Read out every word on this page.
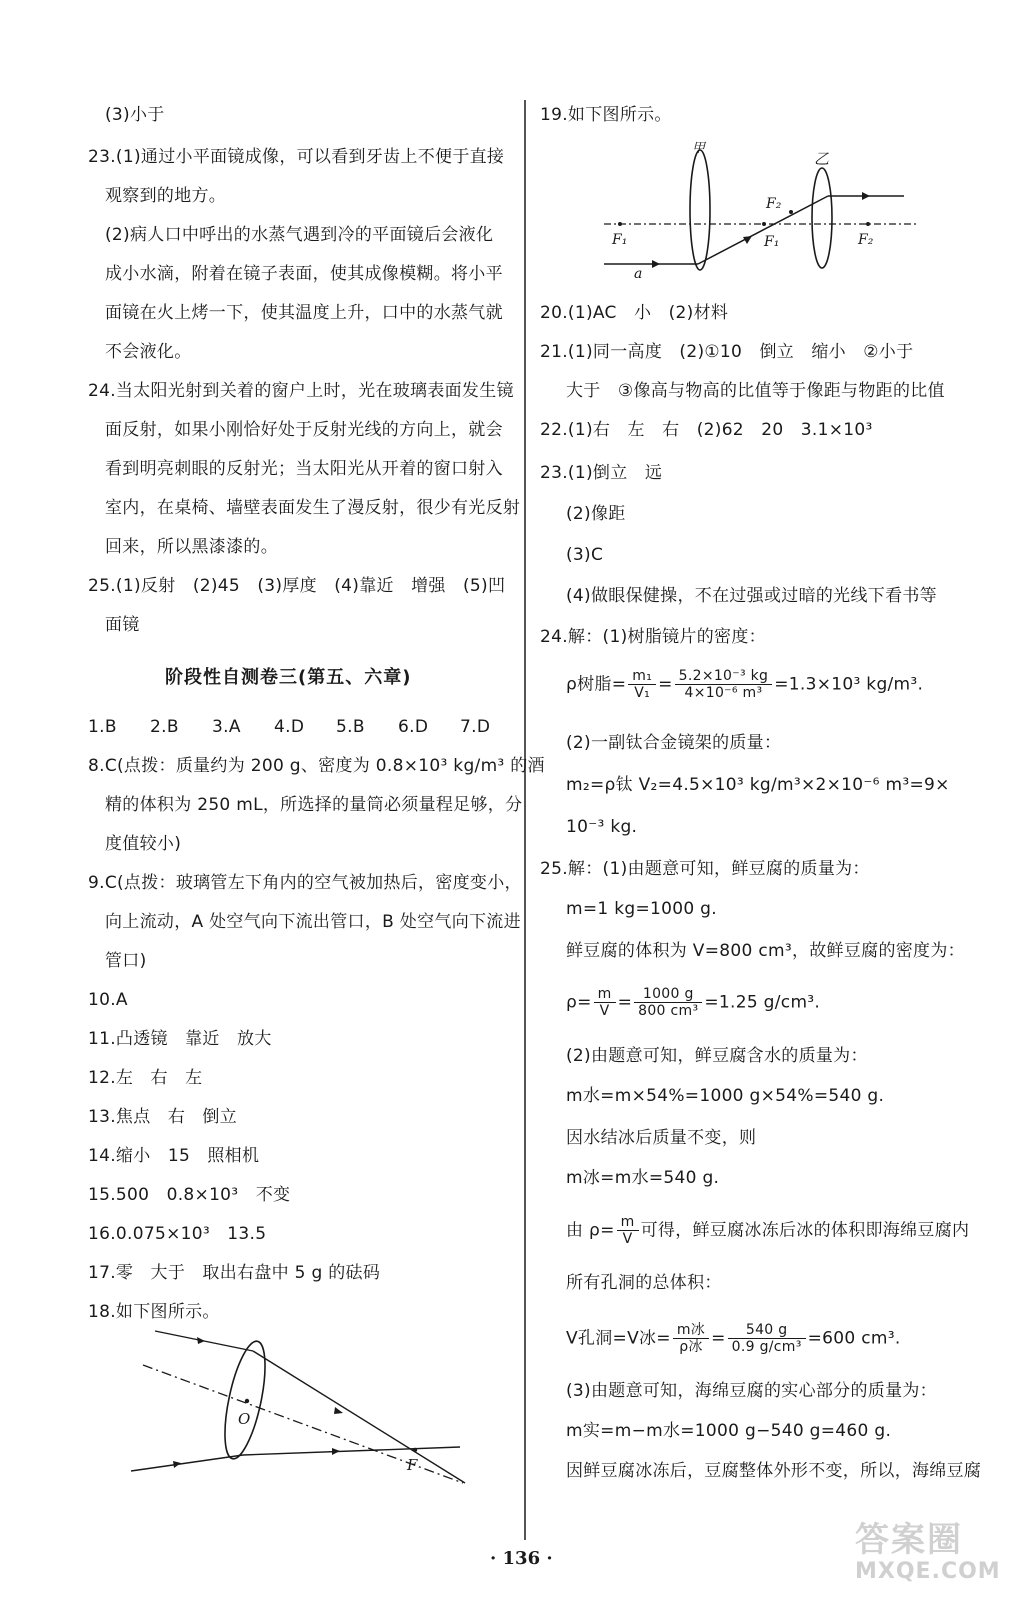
(3)小于
23.(1)通过小平面镜成像，可以看到牙齿上不便于直接
观察到的地方。
(2)病人口中呼出的水蒸气遇到冷的平面镜后会液化
成小水滴，附着在镜子表面，使其成像模糊。将小平
面镜在火上烤一下，使其温度上升，口中的水蒸气就
不会液化。
24.当太阳光射到关着的窗户上时，光在玻璃表面发生镜
面反射，如果小刚恰好处于反射光线的方向上，就会
看到明亮刺眼的反射光；当太阳光从开着的窗口射入
室内，在桌椅、墙壁表面发生了漫反射，很少有光反射
回来，所以黑漆漆的。
25.(1)反射　(2)45　(3)厚度　(4)靠近　增强　(5)凹
面镜
阶段性自测卷三(第五、六章)
1.B 2.B 3.A 4.D 5.B 6.D 7.D
8.C(点拨：质量约为 200 g、密度为 0.8×10³ kg/m³ 的酒
精的体积为 250 mL，所选择的量筒必须量程足够，分
度值较小)
9.C(点拨：玻璃管左下角内的空气被加热后，密度变小，
向上流动，A 处空气向下流出管口，B 处空气向下流进
管口)
10.A
11.凸透镜　靠近　放大
12.左　右　左
13.焦点　右　倒立
14.缩小　15　照相机
15.500　0.8×10³　不变
16.0.075×10³　13.5
17.零　大于　取出右盘中 5 g 的砝码
18.如下图所示。
O
F
19.如下图所示。
甲
乙
F₂
F₁	F₁	F₂
a
20.(1)AC　小　(2)材料
21.(1)同一高度　(2)①10　倒立　缩小　②小于
大于　③像高与物高的比值等于像距与物距的比值
22.(1)右　左　右　(2)62　20　3.1×10³
23.(1)倒立　远
(2)像距
(3)C
(4)做眼保健操，不在过强或过暗的光线下看书等
24.解：(1)树脂镜片的密度：
ρ树脂= $\frac{\text{m₁}}{\text{V₁}} = \frac{\text{5.2×10⁻³ kg}}{\text{4×10⁻⁶ m³}} =1.3\times 10^3$ kg/m³.
(2)一副钛合金镜架的质量：
m₂=ρ钛 V₂=4.5×10³ kg/m³×2×10⁻⁶ m³=9×
10⁻³ kg.
25.解：(1)由题意可知，鲜豆腐的质量为：
m=1 kg=1000 g.
鲜豆腐的体积为 V=800 cm³，故鲜豆腐的密度为：
$\rho= \frac{m}{V} = \frac{1000 g}{\text{800 cm³}} =1.25$ g/cm³.
(2)由题意可知，鲜豆腐含水的质量为：
m水=m×54%=1000 g×54%=540 g.
因水结冰后质量不变，则
m冰=m水=540 g.
由 $\rho= \frac{m}{V}$ 可得，鲜豆腐冰冻后冰的体积即海绵豆腐内
所有孔洞的总体积：
V孔洞=V冰= $\frac{\text{m冰}}{\text{ρ冰}} = \frac{540 g}{\text{0.9 g/cm³}} =600$ cm³.
(3)由题意可知，海绵豆腐的实心部分的质量为：
m实=m−m水=1000 g−540 g=460 g.
因鲜豆腐冰冻后，豆腐整体外形不变，所以，海绵豆腐
· 136 ·	答案圈
MXQE.COM
